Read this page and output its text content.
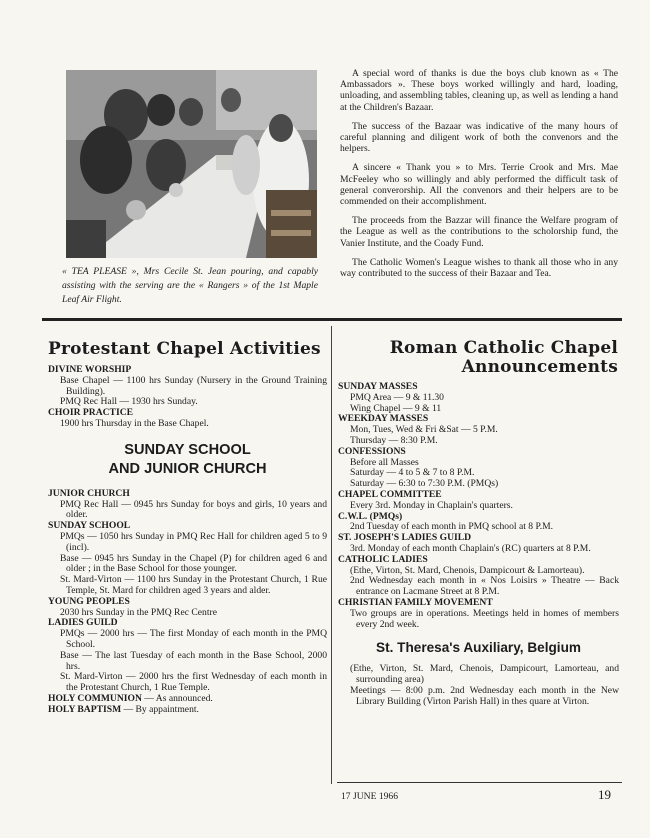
« TEA PLEASE », Mrs Cecile St. Jean pouring, and capably assisting with the serving are the « Rangers » of the 1st Maple Leaf Air Flight.

A special word of thanks is due the boys club known as « The Ambassadors ». These boys worked willingly and hard, loading, unloading, and assembling tables, cleaning up, as well as lending a hand at the Children's Bazaar.

The success of the Bazaar was indicative of the many hours of careful planning and diligent work of both the convenors and the helpers.

A sincere « Thank you » to Mrs. Terrie Crook and Mrs. Mae McFeeley who so willingly and ably performed the difficult task of general converorship. All the convenors and their helpers are to be commended on their accomplishment.

The proceeds from the Bazzar will finance the Welfare program of the League as well as the contributions to the scholorship fund, the Vanier Institute, and the Coady Fund.

The Catholic Women's League wishes to thank all those who in any way contributed to the success of their Bazaar and Tea.

Protestant Chapel Activities
DIVINE WORSHIP
Base Chapel — 1100 hrs Sunday (Nursery in the Ground Training Building).
PMQ Rec Hall — 1930 hrs Sunday.
CHOIR PRACTICE
1900 hrs Thursday in the Base Chapel.
SUNDAY SCHOOL
AND JUNIOR CHURCH
JUNIOR CHURCH
PMQ Rec Hall — 0945 hrs Sunday for boys and girls, 10 years and older.
SUNDAY SCHOOL
PMQs — 1050 hrs Sunday in PMQ Rec Hall for children aged 5 to 9 (incl).
Base — 0945 hrs Sunday in the Chapel (P) for children aged 6 and older ; in the Base School for those younger.
St. Mard-Virton — 1100 hrs Sunday in the Protestant Church, 1 Rue Temple, St. Mard for children aged 3 years and alder.
YOUNG PEOPLES
2030 hrs Sunday in the PMQ Rec Centre
LADIES GUILD
PMQs — 2000 hrs — The first Monday of each month in the PMQ School.
Base — The last Tuesday of each month in the Base School, 2000 hrs.
St. Mard-Virton — 2000 hrs the first Wednesday of each month in the Protestant Church, 1 Rue Temple.
HOLY COMMUNION — As announced.
HOLY BAPTISM — By appaintment.
Roman Catholic Chapel
Announcements
SUNDAY MASSES
PMQ Area — 9 & 11.30
Wing Chapel — 9 & 11
WEEKDAY MASSES
Mon, Tues, Wed & Fri &Sat — 5 P.M.
Thursday — 8:30 P.M.
CONFESSIONS
Before all Masses
Saturday — 4 to 5 & 7 to 8 P.M.
Saturday — 6:30 to 7:30 P.M. (PMQs)
CHAPEL COMMITTEE
Every 3rd. Monday in Chaplain's quarters.
C.W.L. (PMQs)
2nd Tuesday of each month in PMQ school at 8 P.M.
ST. JOSEPH'S LADIES GUILD
3rd. Monday of each month Chaplain's (RC) quarters at 8 P.M.
CATHOLIC LADIES
(Ethe, Virton, St. Mard, Chenois, Dampicourt & Lamorteau).
2nd Wednesday each month in « Nos Loisirs » Theatre — Back entrance on Lacmane Street at 8 P.M.
CHRISTIAN FAMILY MOVEMENT
Two groups are in operations. Meetings held in homes of members every 2nd week.
St. Theresa's Auxiliary, Belgium
(Ethe, Virton, St. Mard, Chenois, Dampicourt, Lamorteau, and surrounding area)
Meetings — 8:00 p.m. 2nd Wednesday each month in the New Library Building (Virton Parish Hall) in thes quare at Virton.
17 JUNE 1966	19
